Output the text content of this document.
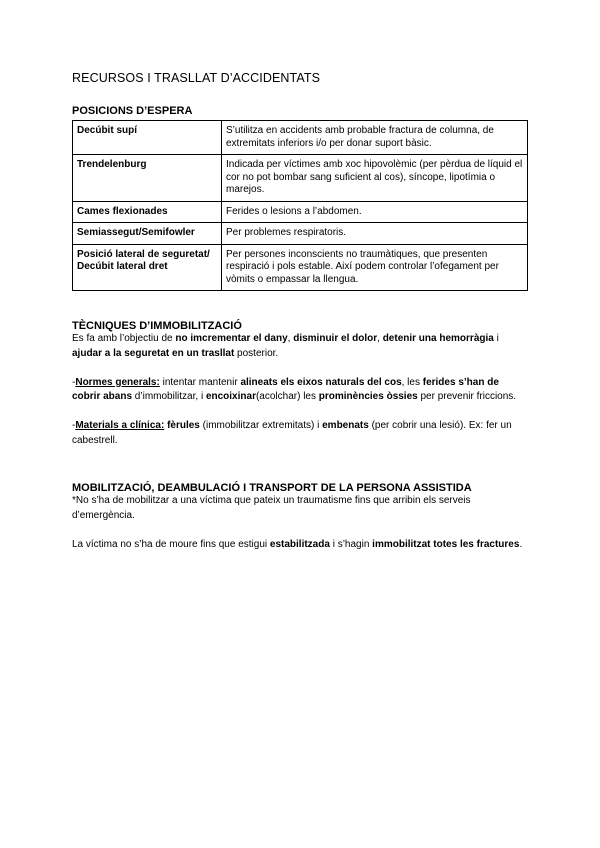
RECURSOS I TRASLLAT D’ACCIDENTATS
POSICIONS D’ESPERA
Decúbit supí	S’utilitza en accidents amb probable fractura de columna, de extremitats inferiors i/o per donar suport bàsic.
Trendelenburg	Indicada per víctimes amb xoc hipovolèmic (per pèrdua de líquid el cor no pot bombar sang suficient al cos), síncope, lipotímia o marejos.
Cames flexionades	Ferides o lesions a l’abdomen.
Semiassegut/Semifowler	Per problemes respiratoris.
Posició lateral de seguretat/ Decúbit lateral dret	Per persones inconscients no traumàtiques, que presenten respiració i pols estable. Així podem controlar l’ofegament per vòmits o empassar la llengua.
TÈCNIQUES D’IMMOBILITZACIÓ

Es fa amb l’objectiu de no imcrementar el dany, disminuir el dolor, detenir una hemorràgia i ajudar a la seguretat en un trasllat posterior.

-Normes generals: intentar mantenir alineats els eixos naturals del cos, les ferides s’han de cobrir abans d’immobilitzar, i encoixinar(acolchar) les prominències òssies per prevenir friccions.

-Materials a clínica: fèrules (immobilitzar extremitats) i embenats (per cobrir una lesió). Ex: fer un cabestrell.

MOBILITZACIÓ, DEAMBULACIÓ I TRANSPORT DE LA PERSONA ASSISTIDA

*No s’ha de mobilitzar a una víctima que pateix un traumatisme fins que arribin els serveis d’emergència.

La víctima no s’ha de moure fins que estigui estabilitzada i s’hagin immobilitzat totes les fractures.
